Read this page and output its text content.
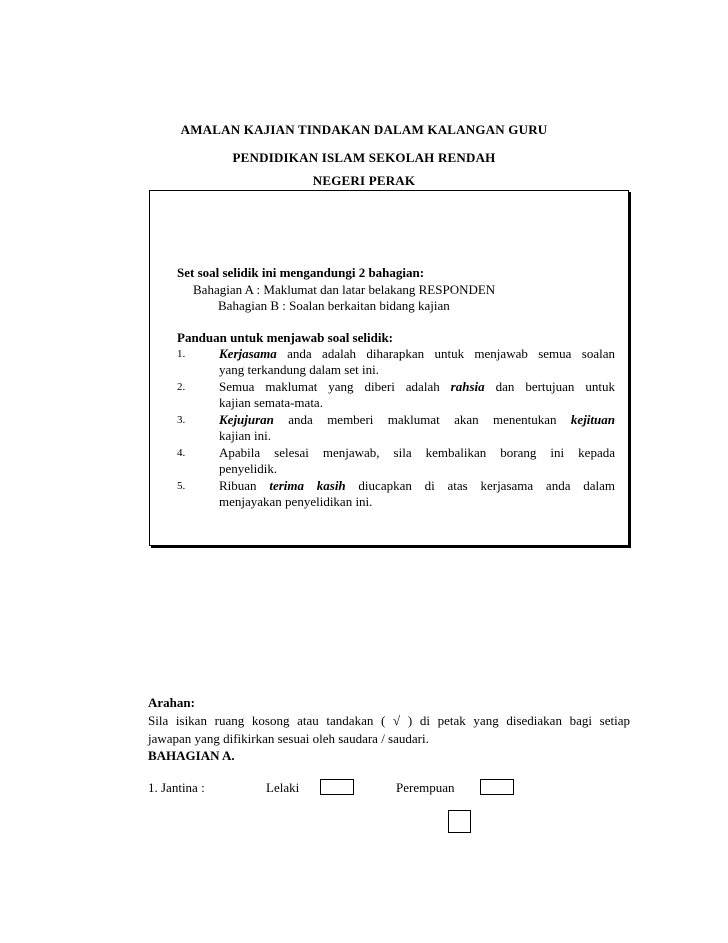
AMALAN KAJIAN TINDAKAN DALAM KALANGAN GURU
PENDIDIKAN ISLAM SEKOLAH RENDAH
NEGERI PERAK
Set soal selidik ini mengandungi 2 bahagian:
Bahagian A : Maklumat dan latar belakang RESPONDEN
Bahagian B : Soalan berkaitan bidang kajian
Panduan untuk menjawab soal selidik:
1.	Kerjasama anda adalah diharapkan untuk menjawab semua soalan
yang terkandung dalam set ini.
2.	Semua maklumat yang diberi adalah rahsia dan bertujuan untuk
kajian semata-mata.
3.	Kejujuran anda memberi maklumat akan menentukan kejituan
kajian ini.
4.	Apabila selesai menjawab, sila kembalikan borang ini kepada
penyelidik.
5.	Ribuan terima kasih diucapkan di atas kerjasama anda dalam
menjayakan penyelidikan ini.
Arahan:
Sila isikan ruang kosong atau tandakan ( √ ) di petak yang disediakan bagi setiap
jawapan yang difikirkan sesuai oleh saudara / saudari.
BAHAGIAN A.
1. Jantina :	Lelaki	Perempuan
